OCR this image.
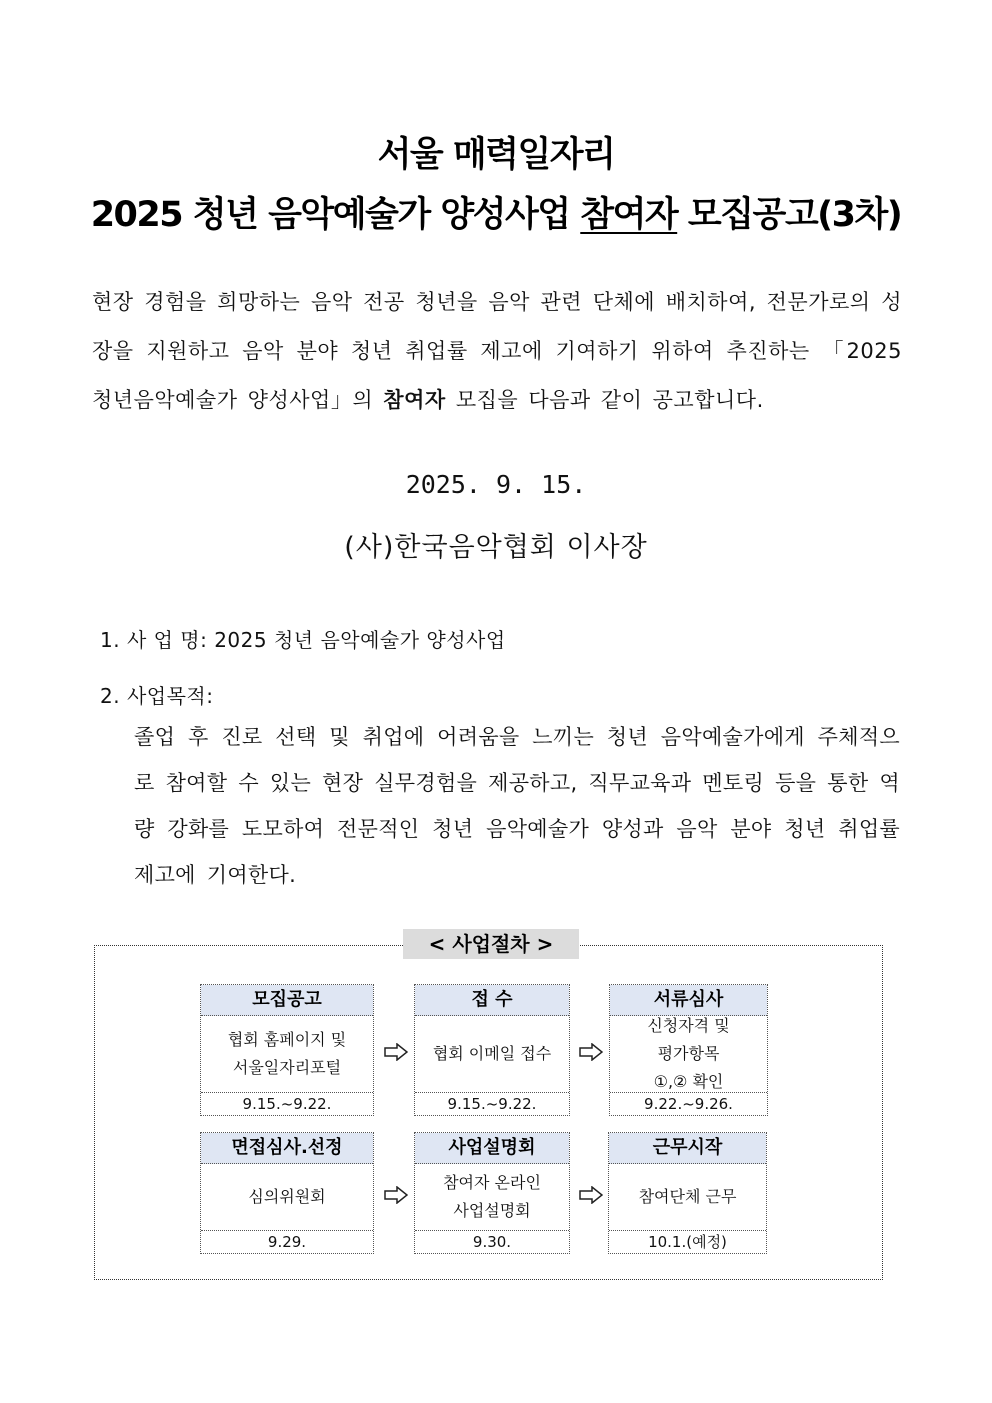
서울 매력일자리
2025 청년 음악예술가 양성사업 참여자 모집공고(3차)

현장 경험을 희망하는 음악 전공 청년을 음악 관련 단체에 배치하여, 전문가로의 성장을 지원하고 음악 분야 청년 취업률 제고에 기여하기 위하여 추진하는 「2025 청년음악예술가 양성사업」의 참여자 모집을 다음과 같이 공고합니다.

2025. 9. 15.
(사)한국음악협회 이사장
1. 사 업 명: 2025 청년 음악예술가 양성사업
2. 사업목적:

졸업 후 진로 선택 및 취업에 어려움을 느끼는 청년 음악예술가에게 주체적으로 참여할 수 있는 현장 실무경험을 제공하고, 직무교육과 멘토링 등을 통한 역량 강화를 도모하여 전문적인 청년 음악예술가 양성과 음악 분야 청년 취업률 제고에 기여한다.

< 사업절차 >
모집공고
협회 홈페이지 및
서울일자리포털
9.15.~9.22.
접 수
협회 이메일 접수
9.15.~9.22.
서류심사
신청자격 및
평가항목
①,② 확인
9.22.~9.26.
면접심사.선정
심의위원회
9.29.
사업설명회
참여자 온라인
사업설명회
9.30.
근무시작
참여단체 근무
10.1.(예정)
